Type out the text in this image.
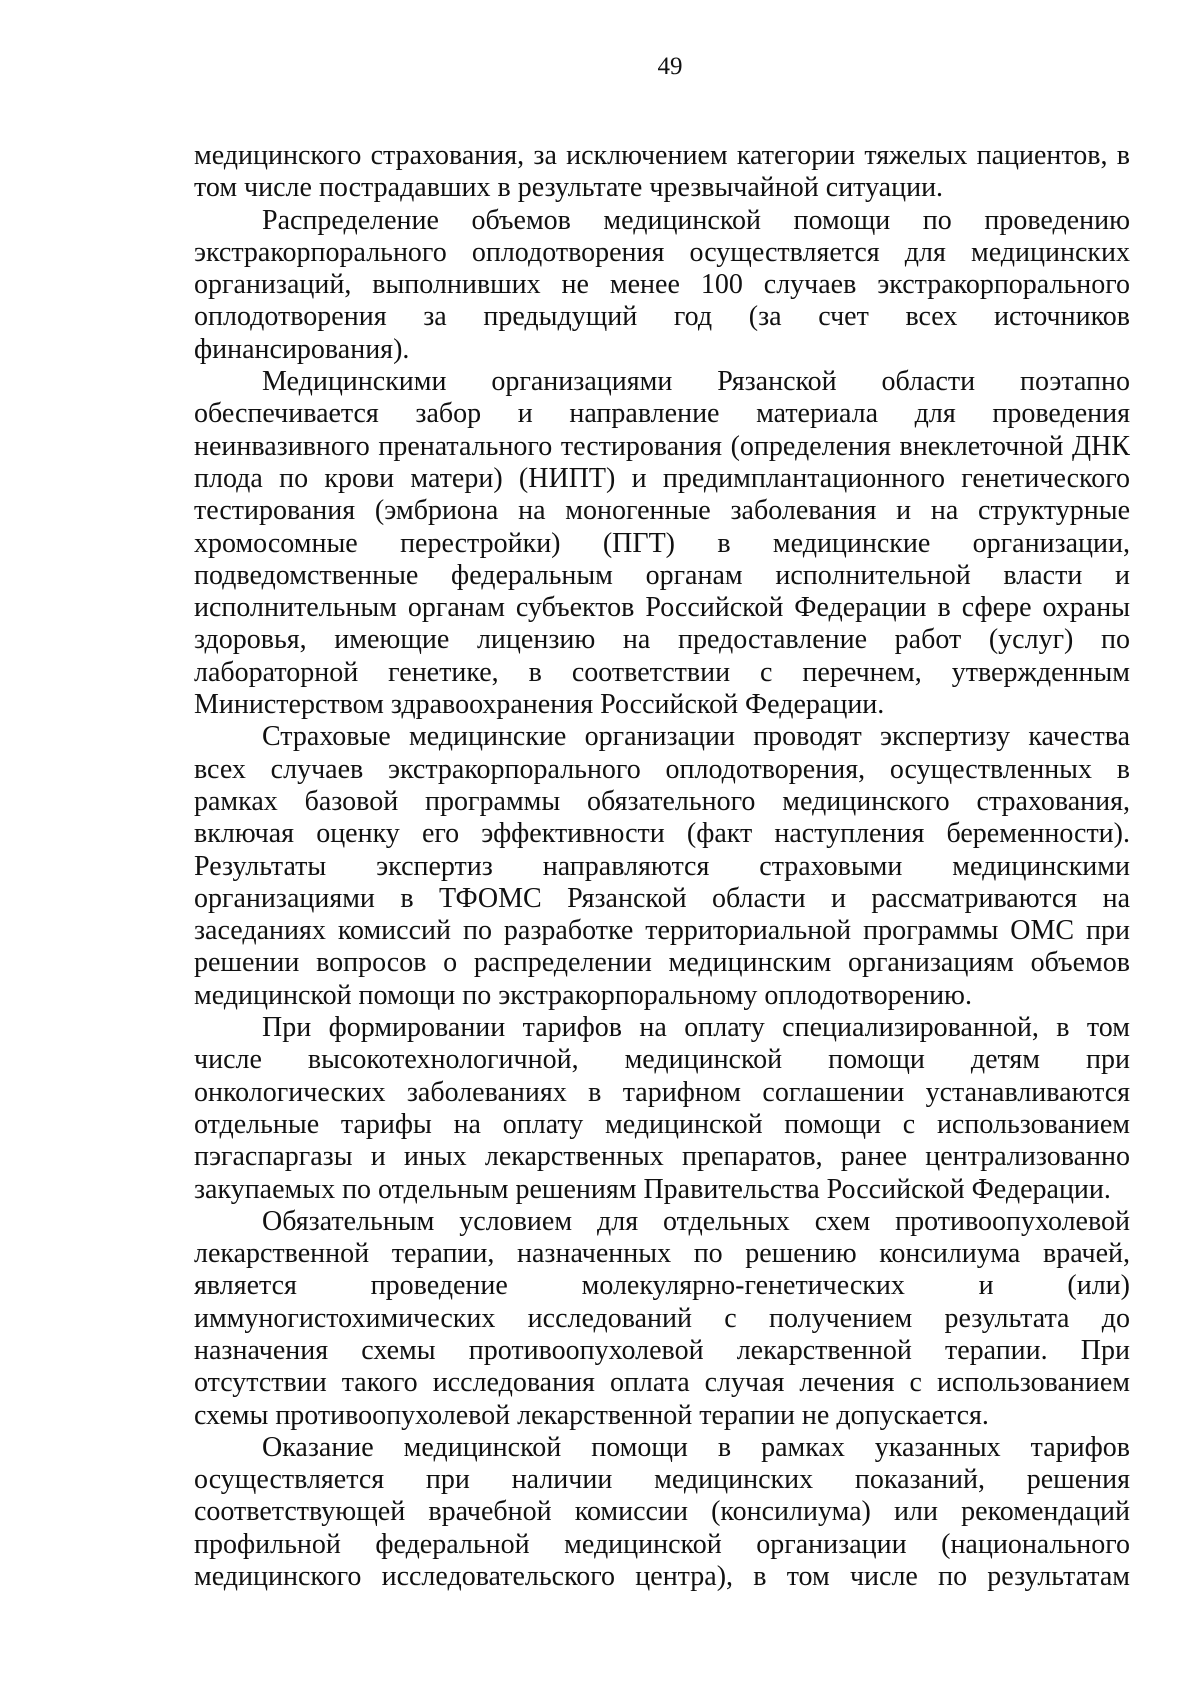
49

медицинского страхования, за исключением категории тяжелых пациентов, в том числе пострадавших в результате чрезвычайной ситуации.

Распределение объемов медицинской помощи по проведению экстракорпорального оплодотворения осуществляется для медицинских организаций, выполнивших не менее 100 случаев экстракорпорального оплодотворения за предыдущий год (за счет всех источников финансирования).

Медицинскими организациями Рязанской области поэтапно обеспечивается забор и направление материала для проведения неинвазивного пренатального тестирования (определения внеклеточной ДНК плода по крови матери) (НИПТ) и предимплантационного генетического тестирования (эмбриона на моногенные заболевания и на структурные хромосомные перестройки) (ПГТ) в медицинские организации, подведомственные федеральным органам исполнительной власти и исполнительным органам субъектов Российской Федерации в сфере охраны здоровья, имеющие лицензию на предоставление работ (услуг) по лабораторной генетике, в соответствии с перечнем, утвержденным Министерством здравоохранения Российской Федерации.

Страховые медицинские организации проводят экспертизу качества всех случаев экстракорпорального оплодотворения, осуществленных в рамках базовой программы обязательного медицинского страхования, включая оценку его эффективности (факт наступления беременности). Результаты экспертиз направляются страховыми медицинскими организациями в ТФОМС Рязанской области и рассматриваются на заседаниях комиссий по разработке территориальной программы ОМС при решении вопросов о распределении медицинским организациям объемов медицинской помощи по экстракорпоральному оплодотворению.

При формировании тарифов на оплату специализированной, в том числе высокотехнологичной, медицинской помощи детям при онкологических заболеваниях в тарифном соглашении устанавливаются отдельные тарифы на оплату медицинской помощи с использованием пэгаспаргазы и иных лекарственных препаратов, ранее централизованно закупаемых по отдельным решениям Правительства Российской Федерации.

Обязательным условием для отдельных схем противоопухолевой лекарственной терапии, назначенных по решению консилиума врачей, является проведение молекулярно-генетических и (или) иммуногистохимических исследований с получением результата до назначения схемы противоопухолевой лекарственной терапии. При отсутствии такого исследования оплата случая лечения с использованием схемы противоопухолевой лекарственной терапии не допускается.

Оказание медицинской помощи в рамках указанных тарифов осуществляется при наличии медицинских показаний, решения соответствующей врачебной комиссии (консилиума) или рекомендаций профильной федеральной медицинской организации (национального медицинского исследовательского центра), в том числе по результатам
